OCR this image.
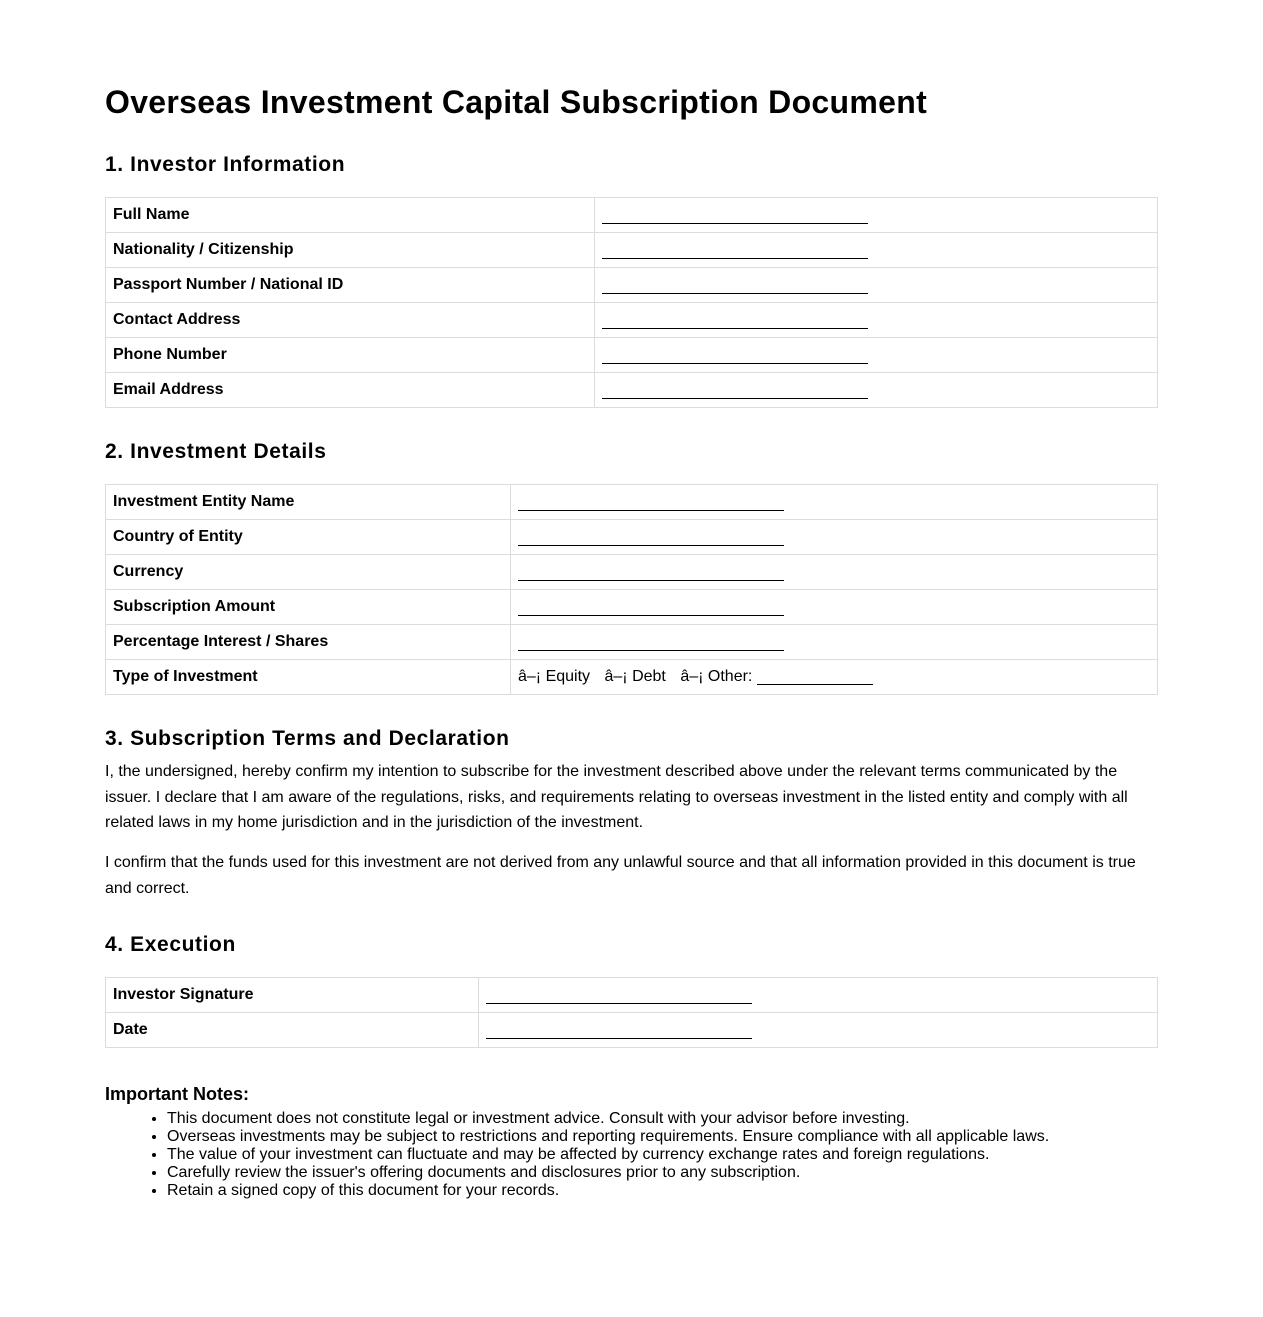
Overseas Investment Capital Subscription Document
1. Investor Information
Full Name	
Nationality / Citizenship	
Passport Number / National ID	
Contact Address	
Phone Number	
Email Address	
2. Investment Details
Investment Entity Name	
Country of Entity	
Currency	
Subscription Amount	
Percentage Interest / Shares	
Type of Investment	â–¡ Equity â–¡ Debt â–¡ Other:
3. Subscription Terms and Declaration

I, the undersigned, hereby confirm my intention to subscribe for the investment described above under the relevant terms communicated by the issuer. I declare that I am aware of the regulations, risks, and requirements relating to overseas investment in the listed entity and comply with all related laws in my home jurisdiction and in the jurisdiction of the investment.

I confirm that the funds used for this investment are not derived from any unlawful source and that all information provided in this document is true and correct.

4. Execution
Investor Signature	
Date	
Important Notes:
• This document does not constitute legal or investment advice. Consult with your advisor before investing.
• Overseas investments may be subject to restrictions and reporting requirements. Ensure compliance with all applicable laws.
• The value of your investment can fluctuate and may be affected by currency exchange rates and foreign regulations.
• Carefully review the issuer's offering documents and disclosures prior to any subscription.
• Retain a signed copy of this document for your records.
